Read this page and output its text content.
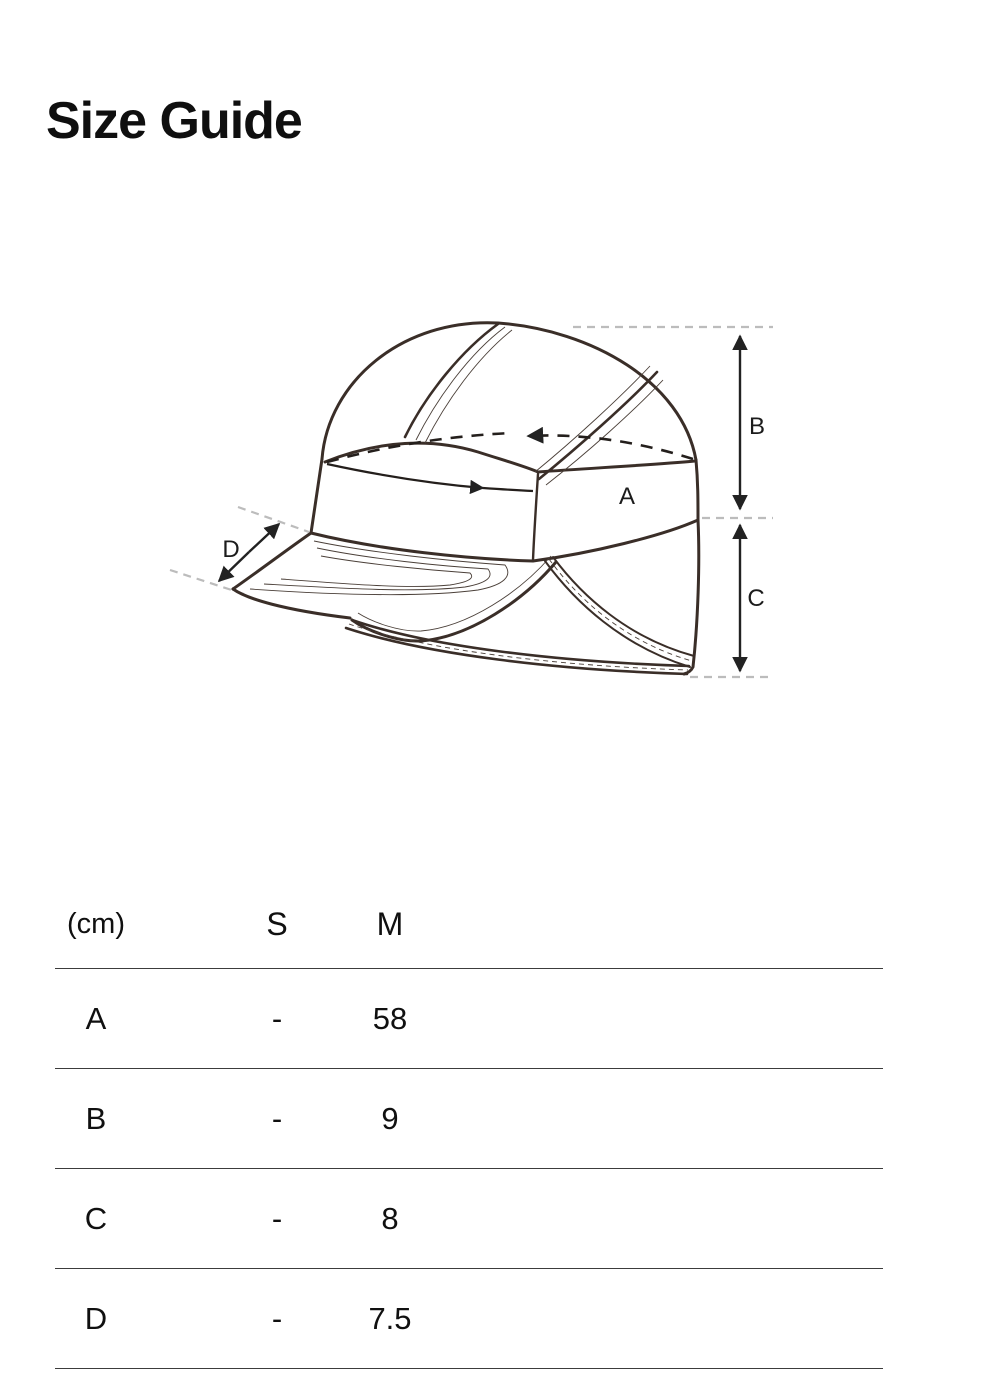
Size Guide
A
B
C
D
(cm)	S	M
A	-	58
B	-	9
C	-	8
D	-	7.5
